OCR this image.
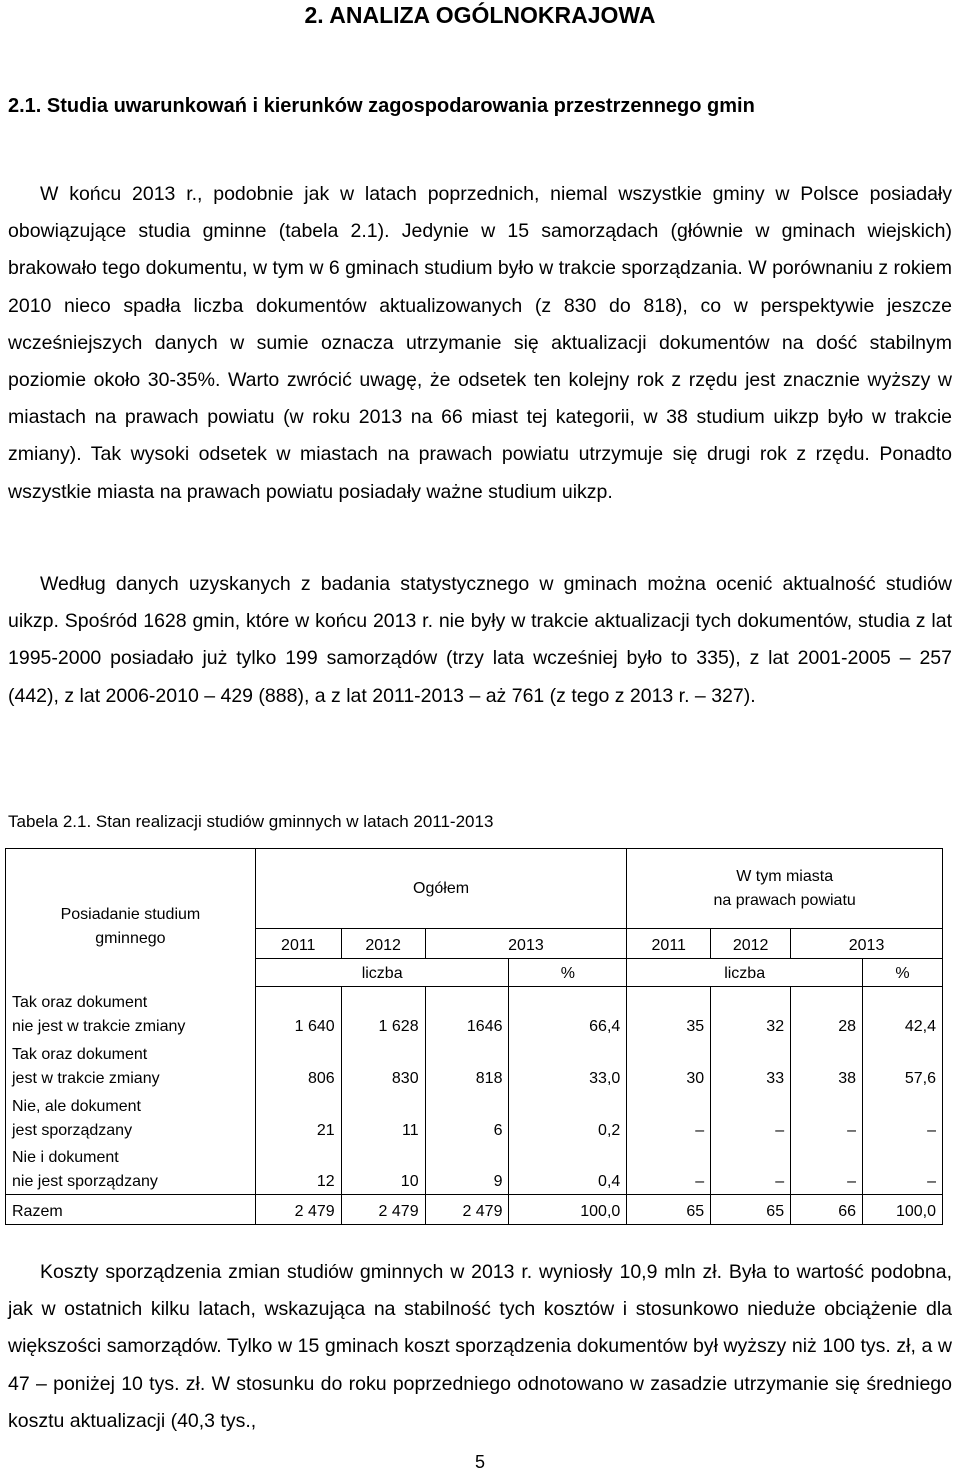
2. ANALIZA OGÓLNOKRAJOWA
2.1. Studia uwarunkowań i kierunków zagospodarowania przestrzennego gmin

W końcu 2013 r., podobnie jak w latach poprzednich, niemal wszystkie gminy w Polsce posiadały obowiązujące studia gminne (tabela 2.1). Jedynie w 15 samorządach (głównie w gminach wiejskich) brakowało tego dokumentu, w tym w 6 gminach studium było w trakcie sporządzania. W porównaniu z rokiem 2010 nieco spadła liczba dokumentów aktualizowanych (z 830 do 818), co w perspektywie jeszcze wcześniejszych danych w sumie oznacza utrzymanie się aktualizacji dokumentów na dość stabilnym poziomie około 30-35%. Warto zwrócić uwagę, że odsetek ten kolejny rok z rzędu jest znacznie wyższy w miastach na prawach powiatu (w roku 2013 na 66 miast tej kategorii, w 38 studium uikzp było w trakcie zmiany). Tak wysoki odsetek w miastach na prawach powiatu utrzymuje się drugi rok z rzędu. Ponadto wszystkie miasta na prawach powiatu posiadały ważne studium uikzp.

Według danych uzyskanych z badania statystycznego w gminach można ocenić aktualność studiów uikzp. Spośród 1628 gmin, które w końcu 2013 r. nie były w trakcie aktualizacji tych dokumentów, studia z lat 1995-2000 posiadało już tylko 199 samorządów (trzy lata wcześniej było to 335), z lat 2001-2005 – 257 (442), z lat 2006-2010 – 429 (888), a z lat 2011-2013 – aż 761 (z tego z 2013 r. – 327).

Tabela 2.1. Stan realizacji studiów gminnych w latach 2011-2013
Posiadanie studium gminnego	Ogółem				W tym miasta
na prawach powiatu			

	2011	2012	2013		2011	2012	2013	
	liczba			%	liczba			%

Tak oraz dokument
nie jest w trakcie zmiany	1 640	1 628	1646	66,4	35	32	28	42,4

Tak oraz dokument
jest w trakcie zmiany	806	830	818	33,0	30	33	38	57,6

Nie, ale dokument
jest sporządzany	21	11	6	0,2	–	–	–	–

Nie i dokument
nie jest sporządzany	12	10	9	0,4	–	–	–	–
Razem	2 479	2 479	2 479	100,0	65	65	66	100,0

Koszty sporządzenia zmian studiów gminnych w 2013 r. wyniosły 10,9 mln zł. Była to wartość podobna, jak w ostatnich kilku latach, wskazująca na stabilność tych kosztów i stosunkowo nieduże obciążenie dla większości samorządów. Tylko w 15 gminach koszt sporządzenia dokumentów był wyższy niż 100 tys. zł, a w 47 – poniżej 10 tys. zł. W stosunku do roku poprzedniego odnotowano w zasadzie utrzymanie się średniego kosztu aktualizacji (40,3 tys.,

5
